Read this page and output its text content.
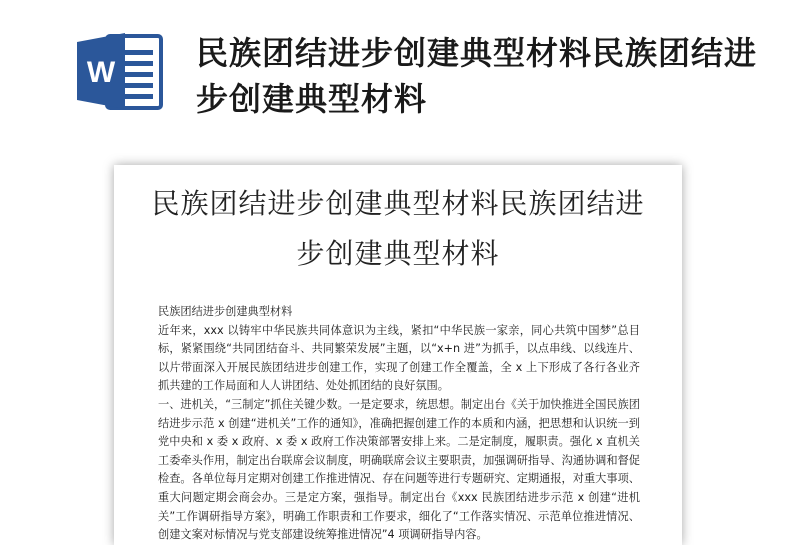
W
民族团结进步创建典型材料民族团结进步创建典型材料
民族团结进步创建典型材料民族团结进步创建典型材料

民族团结进步创建典型材料

近年来，xxx 以铸牢中华民族共同体意识为主线，紧扣“中华民族一家亲，同心共筑中国梦”总目标，紧紧围绕“共同团结奋斗、共同繁荣发展”主题，以“x+n 进”为抓手，以点串线、以线连片、以片带面深入开展民族团结进步创建工作，实现了创建工作全覆盖，全 x 上下形成了各行各业齐抓共建的工作局面和人人讲团结、处处抓团结的良好氛围。

一、进机关，“三制定”抓住关键少数。一是定要求，统思想。制定出台《关于加快推进全国民族团结进步示范 x 创建“进机关”工作的通知》，准确把握创建工作的本质和内涵，把思想和认识统一到党中央和 x 委 x 政府、x 委 x 政府工作决策部署安排上来。二是定制度，履职责。强化 x 直机关工委牵头作用，制定出台联席会议制度，明确联席会议主要职责，加强调研指导、沟通协调和督促检查。各单位每月定期对创建工作推进情况、存在问题等进行专题研究、定期通报，对重大事项、重大问题定期会商会办。三是定方案，强指导。制定出台《xxx 民族团结进步示范 x 创建“进机关”工作调研指导方案》，明确工作职责和工作要求，细化了“工作落实情况、示范单位推进情况、创建文案对标情况与党支部建设统筹推进情况”4 项调研指导内容。
